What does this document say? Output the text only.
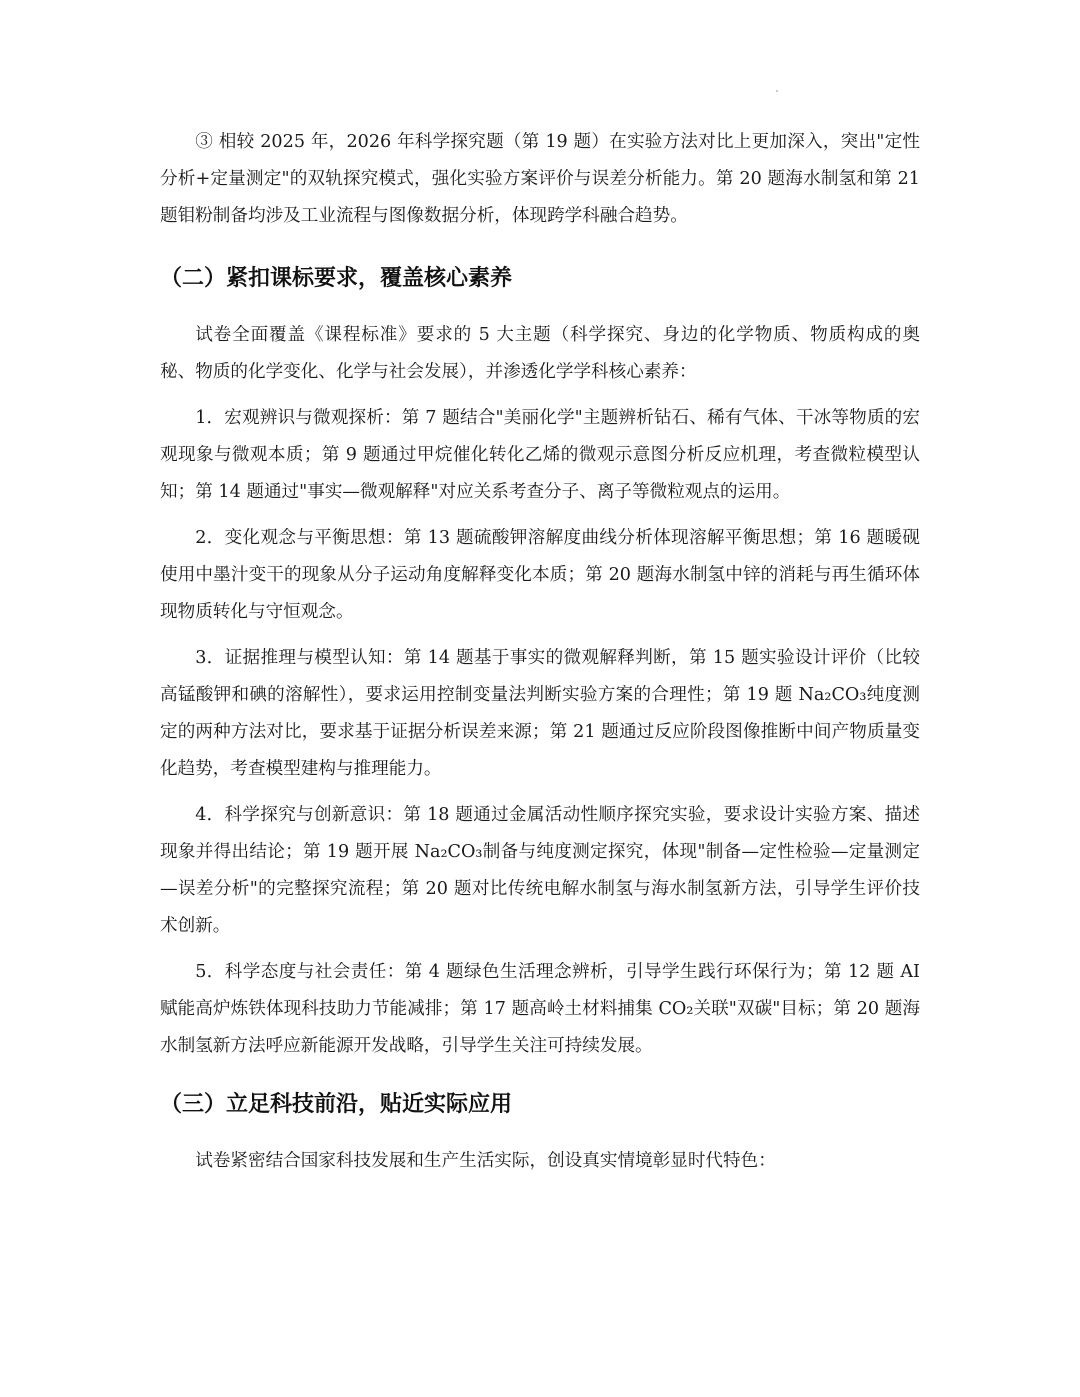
③ 相较 2025 年，2026 年科学探究题（第 19 题）在实验方法对比上更加深入，突出"定性分析+定量测定"的双轨探究模式，强化实验方案评价与误差分析能力。第 20 题海水制氢和第 21 题钼粉制备均涉及工业流程与图像数据分析，体现跨学科融合趋势。

（二）紧扣课标要求，覆盖核心素养

试卷全面覆盖《课程标准》要求的 5 大主题（科学探究、身边的化学物质、物质构成的奥秘、物质的化学变化、化学与社会发展），并渗透化学学科核心素养：

1．宏观辨识与微观探析：第 7 题结合"美丽化学"主题辨析钻石、稀有气体、干冰等物质的宏观现象与微观本质；第 9 题通过甲烷催化转化乙烯的微观示意图分析反应机理，考查微粒模型认知；第 14 题通过"事实—微观解释"对应关系考查分子、离子等微粒观点的运用。

2．变化观念与平衡思想：第 13 题硫酸钾溶解度曲线分析体现溶解平衡思想；第 16 题暖砚使用中墨汁变干的现象从分子运动角度解释变化本质；第 20 题海水制氢中锌的消耗与再生循环体现物质转化与守恒观念。

3．证据推理与模型认知：第 14 题基于事实的微观解释判断，第 15 题实验设计评价（比较高锰酸钾和碘的溶解性），要求运用控制变量法判断实验方案的合理性；第 19 题 Na₂CO₃纯度测定的两种方法对比，要求基于证据分析误差来源；第 21 题通过反应阶段图像推断中间产物质量变化趋势，考查模型建构与推理能力。

4．科学探究与创新意识：第 18 题通过金属活动性顺序探究实验，要求设计实验方案、描述现象并得出结论；第 19 题开展 Na₂CO₃制备与纯度测定探究，体现"制备—定性检验—定量测定—误差分析"的完整探究流程；第 20 题对比传统电解水制氢与海水制氢新方法，引导学生评价技术创新。

5．科学态度与社会责任：第 4 题绿色生活理念辨析，引导学生践行环保行为；第 12 题 AI 赋能高炉炼铁体现科技助力节能减排；第 17 题高岭土材料捕集 CO₂关联"双碳"目标；第 20 题海水制氢新方法呼应新能源开发战略，引导学生关注可持续发展。

（三）立足科技前沿，贴近实际应用

试卷紧密结合国家科技发展和生产生活实际，创设真实情境彰显时代特色：
